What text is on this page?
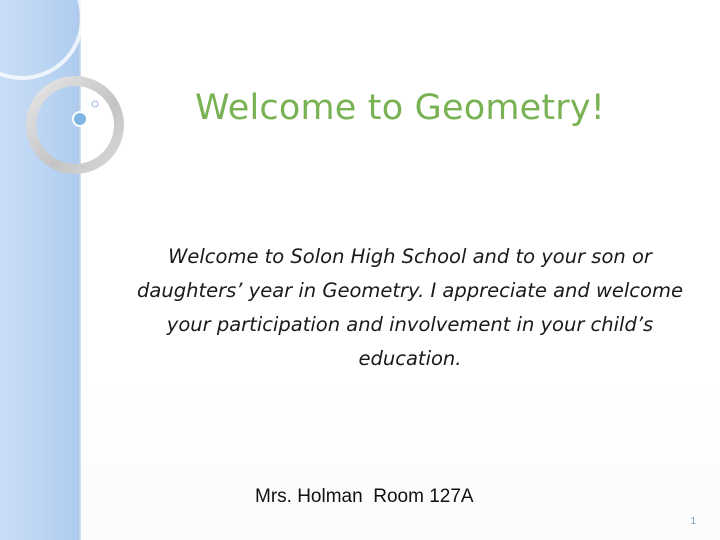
Welcome to Geometry!
Welcome to Solon High School and to your son or daughters’ year in Geometry. I appreciate and welcome your participation and involvement in your child’s education.
Mrs. Holman  Room 127A
1
